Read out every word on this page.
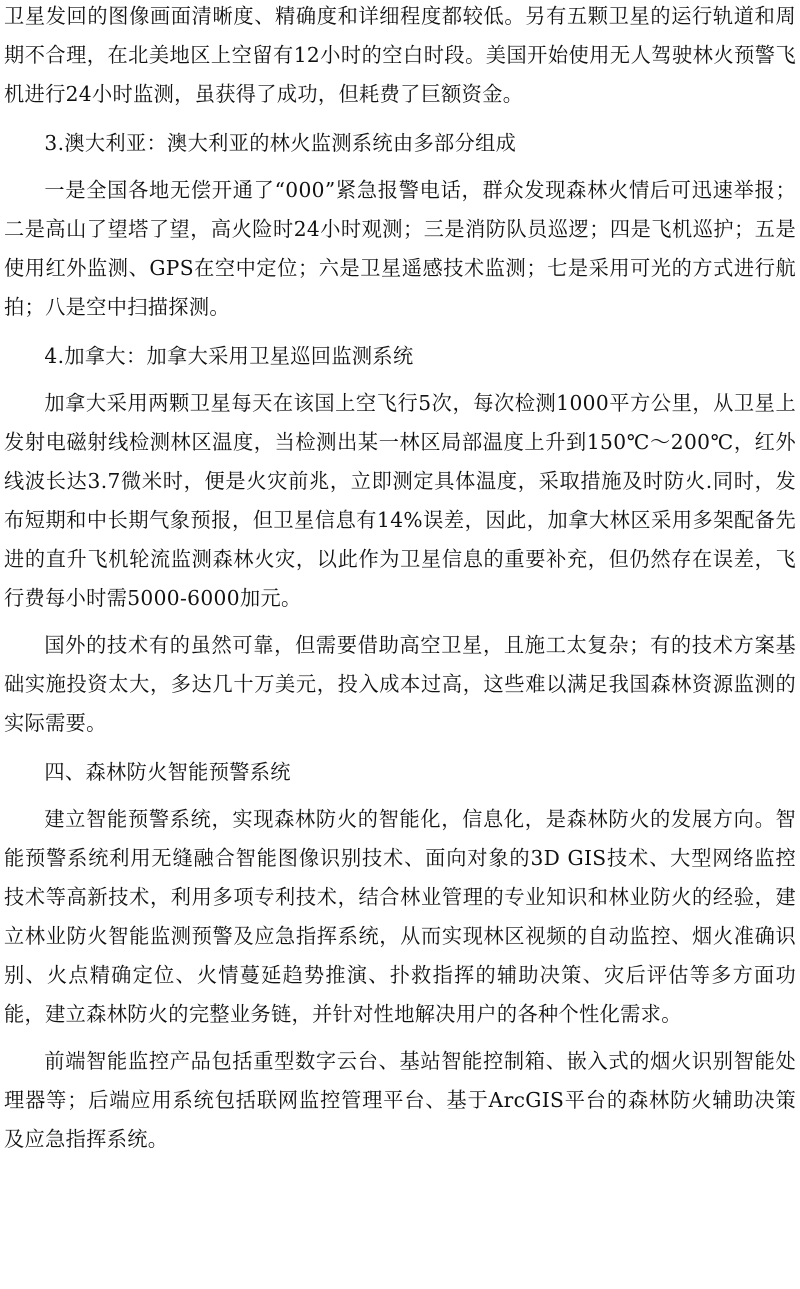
卫星发回的图像画面清晰度、精确度和详细程度都较低。另有五颗卫星的运行轨道和周期不合理，在北美地区上空留有12小时的空白时段。美国开始使用无人驾驶林火预警飞机进行24小时监测，虽获得了成功，但耗费了巨额资金。

3.澳大利亚：澳大利亚的林火监测系统由多部分组成

一是全国各地无偿开通了“000”紧急报警电话，群众发现森林火情后可迅速举报；二是高山了望塔了望，高火险时24小时观测；三是消防队员巡逻；四是飞机巡护；五是使用红外监测、GPS在空中定位；六是卫星遥感技术监测；七是采用可光的方式进行航拍；八是空中扫描探测。

4.加拿大：加拿大采用卫星巡回监测系统

加拿大采用两颗卫星每天在该国上空飞行5次，每次检测1000平方公里，从卫星上发射电磁射线检测林区温度，当检测出某一林区局部温度上升到150℃～200℃，红外线波长达3.7微米时，便是火灾前兆，立即测定具体温度，采取措施及时防火.同时，发布短期和中长期气象预报，但卫星信息有14%误差，因此，加拿大林区采用多架配备先进的直升飞机轮流监测森林火灾，以此作为卫星信息的重要补充，但仍然存在误差，飞行费每小时需5000-6000加元。

国外的技术有的虽然可靠，但需要借助高空卫星，且施工太复杂；有的技术方案基础实施投资太大，多达几十万美元，投入成本过高，这些难以满足我国森林资源监测的实际需要。

四、森林防火智能预警系统

建立智能预警系统，实现森林防火的智能化，信息化，是森林防火的发展方向。智能预警系统利用无缝融合智能图像识别技术、面向对象的3D GIS技术、大型网络监控技术等高新技术，利用多项专利技术，结合林业管理的专业知识和林业防火的经验，建立林业防火智能监测预警及应急指挥系统，从而实现林区视频的自动监控、烟火准确识别、火点精确定位、火情蔓延趋势推演、扑救指挥的辅助决策、灾后评估等多方面功能，建立森林防火的完整业务链，并针对性地解决用户的各种个性化需求。

前端智能监控产品包括重型数字云台、基站智能控制箱、嵌入式的烟火识别智能处理器等；后端应用系统包括联网监控管理平台、基于ArcGIS平台的森林防火辅助决策及应急指挥系统。
